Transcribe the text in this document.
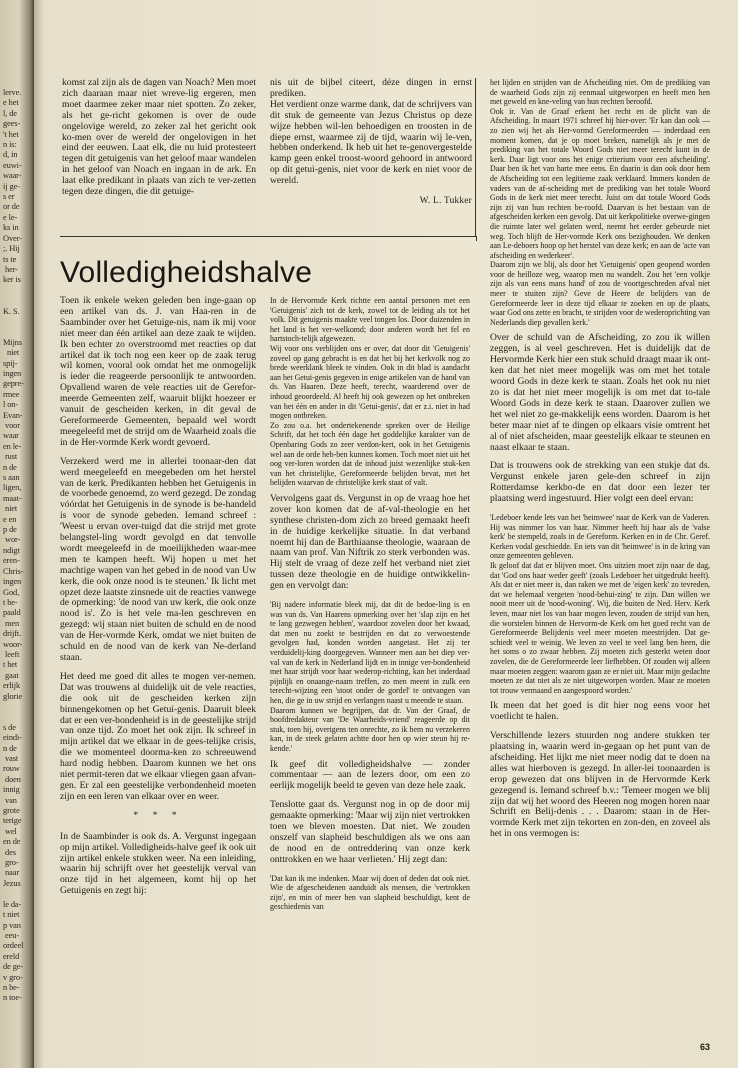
lerve.
e het
l, de
gees-
't het
n is:
d, in
euwi-
waar-
ij ge-
s er
or de
e le-
ks in
Over-
;. Hij
ts te
her-
ker is

K. S.

Mijns
niet
spij-
ingen
gepre-
rmee
l on-
Evan-
voor
waar
en le-
rust
n de
s aan
ligen,
maat-
niet
e en
p de
wor-
ndigt
eren-
Chris-
ingen
God,
t be-
paald
men
drijft.
woor-
leeft
t het
gaat
erlijk
glorie

s de
eindi-
n de
vast
rouw
doen
innig
van
grote
terige
wel
en de
des
gro-
naar
Jezus

le da-
t niet
p van
eeu-
ordeel
ereld
de ge-
v gro-
n be-
n toe-

komst zal zijn als de dagen van Noach? Men moet zich daaraan maar niet wreve-lig ergeren, men moet daarmee zeker maar niet spotten. Zo zeker, als het ge-richt gekomen is over de oude ongelovige wereld, zo zeker zal het gericht ook ko-men over de wereld der ongelovigen in het eind der eeuwen. Laat elk, die nu luid protesteert tegen dit getuigenis van het geloof maar wandelen in het geloof van Noach en ingaan in de ark. En laat elke predikant in plaats van zich te ver-zetten tegen deze dingen, die dit getuige-

nis uit de bijbel citeert, déze dingen in ernst prediken.
Het verdient onze warme dank, dat de schrijvers van dit stuk de gemeente van Jezus Christus op deze wijze hebben wil-len behoedigen en troosten in de diepe ernst, waarmee zij de tijd, waarin wij le-ven, hebben onderkend. Ik heb uit het te-genovergestelde kamp geen enkel troost-woord gehoord in antwoord op dit getui-genis, niet voor de kerk en niet voor de wereld.

W. L. Tukker
Volledigheidshalve

Toen ik enkele weken geleden ben inge-gaan op een artikel van ds. J. van Haa-ren in de Saambinder over het Getuige-nis, nam ik mij voor niet meer dan één artikel aan deze zaak te wijden. Ik ben echter zo overstroomd met reacties op dat artikel dat ik toch nog een keer op de zaak terug wil komen, vooral ook omdat het me onmogelijk is ieder die reageerde persoonlijk te antwoorden. Opvallend waren de vele reacties uit de Gerefor-meerde Gemeenten zelf, waaruit blijkt hoezeer er vanuit de gescheiden kerken, in dit geval de Gereformeerde Gemeenten, bepaald wel wordt meegeleefd met de strijd om de Waarheid zoals die in de Her-vormde Kerk wordt gevoerd.

Verzekerd werd me in allerlei toonaar-den dat werd meegeleefd en meegebeden om het herstel van de kerk. Predikanten hebben het Getuigenis in de voorbede genoemd, zo werd gezegd. De zondag vóórdat het Getuigenis in de synode is be-handeld is voor de synode gebeden. Iemand schreef : 'Weest u ervan over-tuigd dat die strijd met grote belangstel-ling wordt gevolgd en dat tenvolle wordt meegeleefd in de moeilijkheden waar-mee men te kampen heeft. Wij hopen u met het machtige wapen van het gebed in de nood van Uw kerk, die ook onze nood is te steunen.' Ik licht met opzet deze laatste zinsnede uit de reacties vanwege de opmerking: 'de nood van uw kerk, die ook onze nood is'. Zo is het vele ma-len geschreven en gezegd: wij staan niet buiten de schuld en de nood van de Her-vormde Kerk, omdat we niet buiten de schuld en de nood van de kerk van Ne-derland staan.

Het deed me goed dit alles te mogen ver-nemen. Dat was trouwens al duidelijk uit de vele reacties, die ook uit de gescheiden kerken zijn binnengekomen op het Getui-genis. Daaruit bleek dat er een ver-bondenheid is in de geestelijke strijd van onze tijd. Zo moet het ook zijn. Ik schreef in mijn artikel dat we elkaar in de gees-telijke crisis, die we momenteel doorma-ken zo schreeuwend hard nodig hebben. Daarom kunnen we het ons niet permit-teren dat we elkaar vliegen gaan afvan-gen. Er zal een geestelijke verbondenheid moeten zijn en een leren van elkaar over en weer.

* * *

In de Saambinder is ook ds. A. Vergunst ingegaan op mijn artikel. Volledigheids-halve geef ik ook uit zijn artikel enkele stukken weer. Na een inleiding, waarin hij schrijft over het geestelijk verval van onze tijd in het algemeen, komt hij op het Getuigenis en zegt hij:

In de Hervormde Kerk richtte een aantal personen met een 'Getuigenis' zich tot de kerk, zowel tot de leiding als tot het volk. Dit getuigenis maakte veel tongen los. Door duizenden in het land is het ver-welkomd; door anderen wordt het fel en hartstoch-telijk afgewezen.
Wij voor ons verblijden ons er over, dat door dit 'Getuigenis' zoveel op gang gebracht is en dat het bij het kerkvolk nog zo brede weerklank bleek te vinden. Ook in dit blad is aandacht aan het Getui-genis gegeven in enige artikelen van de hand van ds. Van Haaren. Deze heeft, terecht, waarderend over de inhoud geoordeeld. Al heeft hij ook gewezen op het ontbreken van het één en ander in dit 'Getui-genis', dat er z.i. niet in had mogen ontbreken.
Zo zou o.a. het ondertekenende spreken over de Heilige Schrift, dat het toch één dage het goddelijke karakter van de Openbaring Gods zo zeer verdon-kert, ook in het Getuigenis wel aan de orde heb-ben kunnen komen. Toch moet niet uit het oog ver-loren worden dat de inhoud juist wezenlijke stuk-ken van het christelijke, Gereformeerde belijden bevat, met het belijden waarvan de christelijke kerk staat of valt.

Vervolgens gaat ds. Vergunst in op de vraag hoe het zover kon komen dat de af-val-theologie en het synthese christen-dom zich zo breed gemaakt heeft in de huidige kerkelijke situatie. In dat verband noemt hij dan de Barthiaanse theologie, waaraan de naam van prof. Van Niftrik zo sterk verbonden was. Hij stelt de vraag of deze zelf het verband niet ziet tussen deze theologie en de huidige ontwikkelin-gen en vervolgt dan:

'Bij nadere informatie bleek mij, dat dit de bedoe-ling is en was van ds. Van Haarens opmerking over het 'slap zijn en het te lang gezwegen hebben', waardoor zovelen door het kwaad, dat men nu zoekt te bestrijden en dat zo verwoestende gevolgen had, konden worden aangetast. Het zij ter verduidelij-king doorgegeven. Wanneer men aan het diep ver-val van de kerk in Nederland lijdt en in innige ver-bondenheid met haar strijdt voor haar wederop-richting, kan het inderdaad pijnlijk en onaange-naam treffen, zo men meent in zulk een terecht-wijzing een 'stoot onder de gordel' te ontvangen van hen, die ge in uw strijd en verlangen naast u meende te staan.
Daarom kunnen we begrijpen, dat dr. Van der Graaf, de hoofdredakteur van 'De Waarheids-vriend' reageerde op dit stuk, toen hij, overigens ten onrechte, zo ik hem nu verzekeren kan, in de steek gelaten achtte door hen op wier steun hij re-kende.'

Ik geef dit volledigheidshalve — zonder commentaar — aan de lezers door, om een zo eerlijk mogelijk beeld te geven van deze hele zaak.

Tenslotte gaat ds. Vergunst nog in op de door mij gemaakte opmerking: 'Maar wij zijn niet vertrokken toen we bleven moesten. Dat niet. We zouden onszelf van slapheid beschuldigen als we ons aan de nood en de ontredderinq van onze kerk onttrokken en we haar verlieten.' Hij zegt dan:

'Dat kan ik me indenken. Maar wij doen of deden dat ook niet. Wie de afgescheidenen aanduidt als mensen, die 'vertrokken zijn', en min of meer hen van slapheid beschuldigt, kent de geschiedenis van

het lijden en strijden van de Afscheiding niet. Om de prediking van de waarheid Gods zijn zij eenmaal uitgeworpen en heeft men hen met geweld en kne-veling van hun rechten beroofd.
Ook ir. Van de Graaf erkent het recht en de plicht van de Afscheiding. In maart 1971 schreef hij hier-over: 'Er kan dan ook — zo zien wij het als Her-vormd Gereformeerden — inderdaad een moment komen, dat je op moet breken, namelijk als je met de prediking van het totale Woord Gods niet meer terecht kunt in de kerk. Daar ligt voor ons het enige criterium voor een afscheiding'. Daar ben ik het van harte mee eens. En daarin is dan ook door hem de Afscheiding tot een legitieme zaak verklaard. Immers konden de vaders van de af-scheiding met de prediking van het totale Woord Gods in de kerk niet meer terecht. Juist om dat totale Woord Gods zijn zij van hun rechten be-roofd. Daarvan is het bestaan van de afgescheiden kerken een gevolg. Dat uit kerkpolitieke overwe-gingen die ruimte later wel gelaten werd, neemt het eerder gebeurde niet weg. Toch blijft de Her-vormde Kerk ons bezighouden. We denken aan Le-deboers hoop op het herstel van deze kerk; en aan de 'acte van afscheiding en wederkeer'.
Daarom zijn we blij, als door het 'Getuigenis' open geopend worden voor de heilloze weg, waarop men nu wandelt. Zou het 'een volkje zijn als van eens mans hand' of zou de voortgeschreden afval niet meer te stuiten zijn? Geve de Heere de belijders van de Gereformeerde leer in deze tijd elkaar te zoeken en op de plaats, waar God ons zette en bracht, te strijden voor de wederoprichting van Nederlands diep gevallen kerk.'

Over de schuld van de Afscheiding, zo zou ik willen zeggen, is al veel geschreven. Het is duidelijk dat de Hervormde Kerk hier een stuk schuld draagt maar ik ont-ken dat het niet meer mogelijk was om met het totale woord Gods in deze kerk te staan. Zoals het ook nu niet zo is dat het niet meer mogelijk is om met dat to-tale Woord Gods in deze kerk te staan. Daarover zullen we het wel niet zo ge-makkelijk eens worden. Daarom is het beter maar niet af te dingen op elkaars visie omtrent het al of niet afscheiden, maar geestelijk elkaar te steunen en naast elkaar te staan.

Dat is trouwens ook de strekking van een stukje dat ds. Vergunst enkele jaren gele-den schreef in zijn Rotterdamse kerkbo-de en dat door een lezer ter plaatsing werd ingestuurd. Hier volgt een deel ervan:

'Ledeboer kende lets van het 'heimwee' naar de Kerk van de Vaderen. Hij was nimmer los van haar. Nimmer heeft hij haar als de 'valse kerk' be stempeld, zoals in de Gereform. Kerken en in de Chr. Geref. Kerken vodal geschiedde. En iets van dit 'heimwee' is in de kring van onze gemeenten gebleven.
Ik geloof dat dat er blijven moet. Ons uitzien moet zijn naar de dag, dat 'God ons haar weder geeft' (zoals Ledeboer het uitgedrukt heeft). Als dat er niet meer is, dan raken we met de 'eigen kerk' zo tevreden, dat we helemaal vergeten 'nood-behui-zing' te zijn. Dan willen we nooit meer uit de 'nood-woning'. Wij, die buiten de Ned. Herv. Kerk leven, maar niet los van haar mogen leven, zouden de strijd van hen, die worstelen binnen de Hervorm-de Kerk om het goed recht van de Gereformeerde Belijdenis veel meer moeten meestrijden. Dat ge-schiedt veel te weinig. We leven zo veel te veel lang ben heen, die het soms o zo zwaar hebben. Zij moeten zich gesterkt weten door zovelen, die de Gereformeerde leer liefhebben. Of zouden wij alleen maar moeten zeggen: waarom gaan ze er niet uit. Maar mijn gedachte moeten ze dat niet als ze niet uitgeworpen worden. Maar ze moeten tot trouw vermaand en aangespoord worden.'

Ik meen dat het goed is dit hier nog eens voor het voetlicht te halen.

Verschillende lezers stuurden nog andere stukken ter plaatsing in, waarin werd in-gegaan op het punt van de afscheiding. Het lijkt me niet meer nodig dat te doen na alles wat hierboven is gezegd. In aller-lei toonaarden is erop gewezen dat ons blijven in de Hervormde Kerk gezegend is. Iemand schreef b.v.: 'Temeer mogen we blij zijn dat wij het woord des Heeren nog mogen horen naar Schrift en Belij-denis . . . Daarom: staan in de Her-vormde Kerk met zijn tekorten en zon-den, en zoveel als het in ons vermogen is:

63
